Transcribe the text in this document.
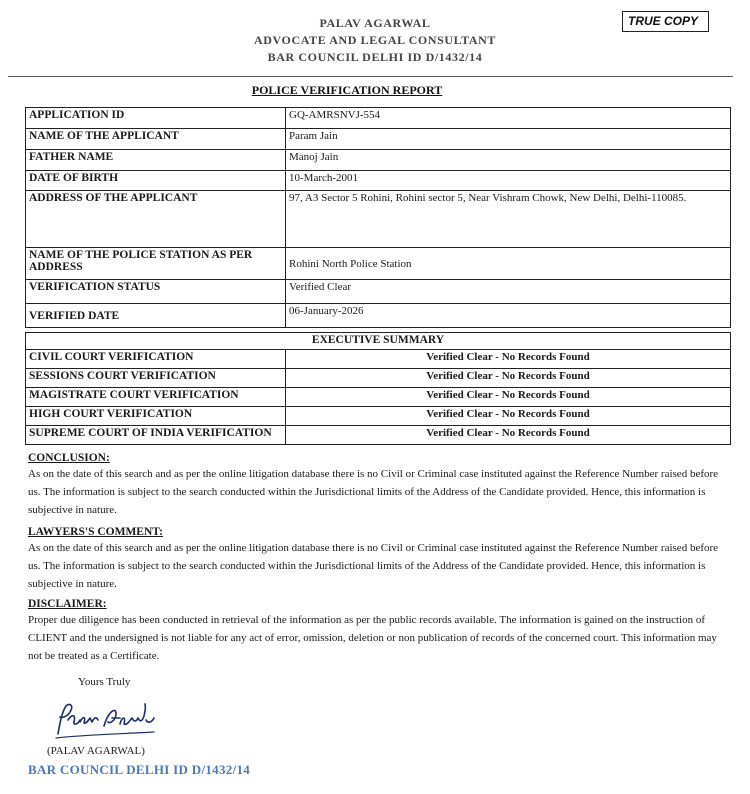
PALAV AGARWAL
ADVOCATE AND LEGAL CONSULTANT
BAR COUNCIL DELHI ID D/1432/14
TRUE COPY
POLICE VERIFICATION REPORT
APPLICATION ID	GQ-AMRSNVJ-554
NAME OF THE APPLICANT	Param Jain
FATHER NAME	Manoj Jain
DATE OF BIRTH	10-March-2001
ADDRESS OF THE APPLICANT	97, A3 Sector 5 Rohini, Rohini sector 5, Near Vishram Chowk, New Delhi, Delhi-110085.
NAME OF THE POLICE STATION AS PER ADDRESS	Rohini North Police Station
VERIFICATION STATUS	Verified Clear
VERIFIED DATE	06-January-2026
EXECUTIVE SUMMARY	
CIVIL COURT VERIFICATION	Verified Clear - No Records Found
SESSIONS COURT VERIFICATION	Verified Clear - No Records Found
MAGISTRATE COURT VERIFICATION	Verified Clear - No Records Found
HIGH COURT VERIFICATION	Verified Clear - No Records Found
SUPREME COURT OF INDIA VERIFICATION	Verified Clear - No Records Found
CONCLUSION:
As on the date of this search and as per the online litigation database there is no Civil or Criminal case instituted against the Reference Number raised before us. The information is subject to the search conducted within the Jurisdictional limits of the Address of the Candidate provided. Hence, this information is subjective in nature.
LAWYERS'S COMMENT:
As on the date of this search and as per the online litigation database there is no Civil or Criminal case instituted against the Reference Number raised before us. The information is subject to the search conducted within the Jurisdictional limits of the Address of the Candidate provided. Hence, this information is subjective in nature.
DISCLAIMER:
Proper due diligence has been conducted in retrieval of the information as per the public records available. The information is gained on the instruction of CLIENT and the undersigned is not liable for any act of error, omission, deletion or non publication of records of the concerned court. This information may not be treated as a Certificate.
Yours Truly
(PALAV AGARWAL)
BAR COUNCIL DELHI ID D/1432/14
